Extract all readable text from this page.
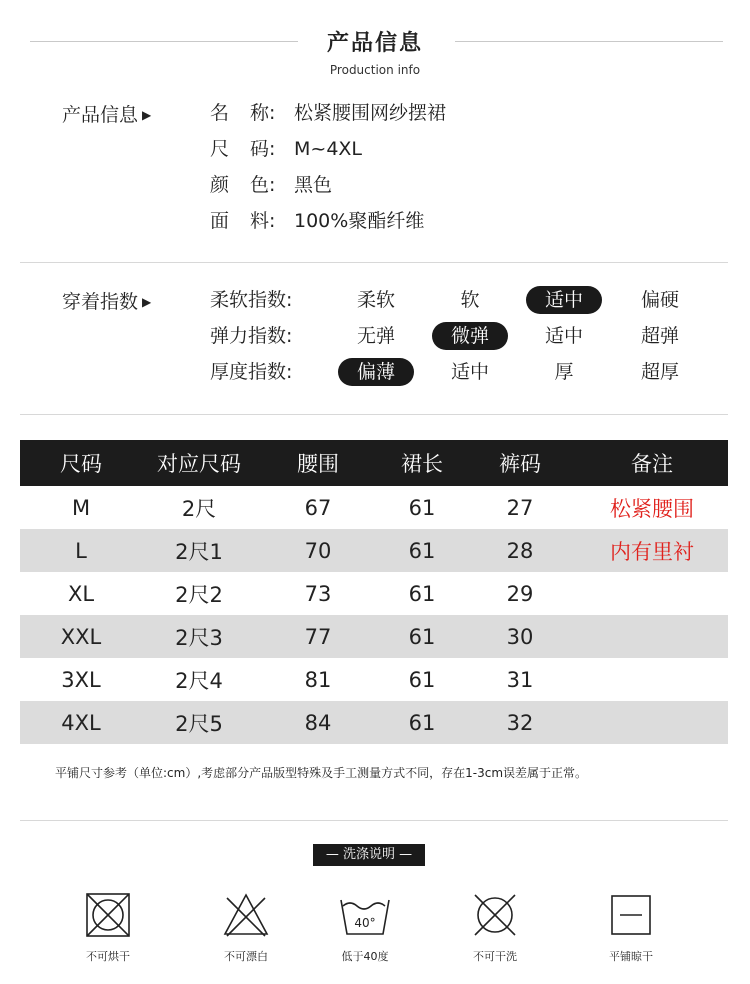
产品信息
Production info
产品信息 ▶	名 称: 松紧腰围网纱摆裙
尺 码: M~4XL
颜 色: 黑色
面 料: 100%聚酯纤维
穿着指数 ▶	柔软指数:	柔软	软	适中	偏硬
弹力指数:	无弹	微弹	适中	超弹
厚度指数:	偏薄	适中	厚	超厚
尺码	对应尺码	腰围	裙长	裤码	备注
M	2尺	67	61	27	松紧腰围
L	2尺1	70	61	28	内有里衬
XL	2尺2	73	61	29	
XXL	2尺3	77	61	30	
3XL	2尺4	81	61	31	
4XL	2尺5	84	61	32	
平铺尺寸参考（单位:cm）,考虑部分产品版型特殊及手工测量方式不同，存在1-3cm误差属于正常。
— 洗涤说明 —
不可烘干	不可漂白
40°
低于40度	不可干洗	平铺晾干
